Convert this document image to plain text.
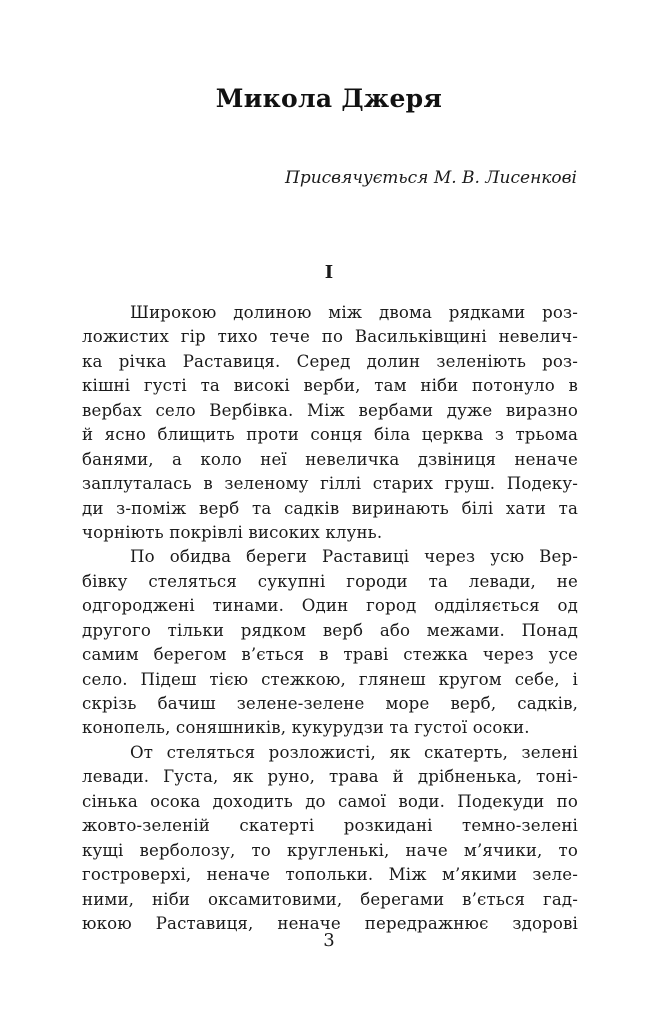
Микола Джеря
Присвячується М. В. Лисенкові
I
Широкою долиною між двома рядками роз-
ложистих гір тихо тече по Васильківщині невелич-
ка річка Раставиця. Серед долин зеленіють роз-
кішні густі та високі верби, там ніби потонуло в
вербах село Вербівка. Між вербами дуже виразно
й ясно блищить проти сонця біла церква з трьома
банями, а коло неї невеличка дзвіниця неначе
заплуталась в зеленому гіллі старих груш. Подеку-
ди з-поміж верб та садків виринають білі хати та
чорніють покрівлі високих клунь.
По обидва береги Раставиці через усю Вер-
бівку стеляться сукупні городи та левади, не
одгороджені тинами. Один город одділяється од
другого тільки рядком верб або межами. Понад
самим берегом в’ється в траві стежка через усе
село. Підеш тією стежкою, глянеш кругом себе, і
скрізь бачиш зелене-зелене море верб, садків,
конопель, соняшників, кукурудзи та густої осоки.
От стеляться розложисті, як скатерть, зелені
левади. Густа, як руно, трава й дрібненька, тоні-
сінька осока доходить до самої води. Подекуди по
жовто-зеленій скатерті розкидані темно-зелені
кущі верболозу, то кругленькі, наче м’ячики, то
гостроверхі, неначе топольки. Між м’якими зеле-
ними, ніби оксамитовими, берегами в’ється гад-
юкою Раставиця, неначе передражнює здорові
3
